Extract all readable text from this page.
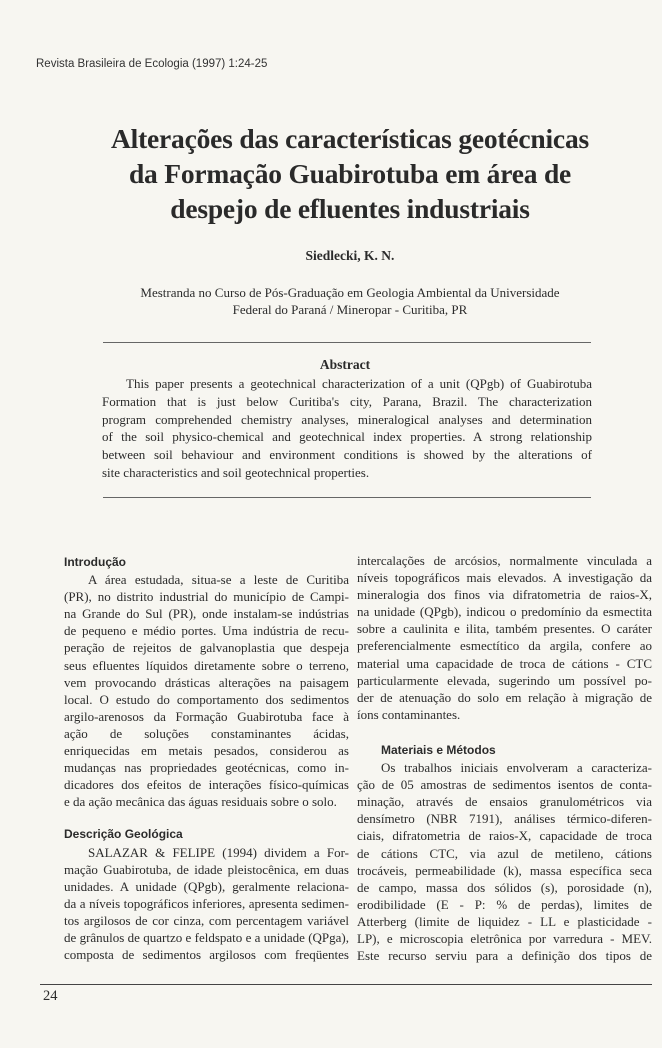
Revista Brasileira de Ecologia (1997) 1:24-25
Alterações das características geotécnicas
da Formação Guabirotuba em área de
despejo de efluentes industriais
Siedlecki, K. N.
Mestranda no Curso de Pós-Graduação em Geologia Ambiental da Universidade
Federal do Paraná / Mineropar - Curitiba, PR
Abstract
This paper presents a geotechnical characterization of a unit (QPgb) of Guabirotuba
Formation that is just below Curitiba's city, Parana, Brazil. The characterization
program comprehended chemistry analyses, mineralogical analyses and determination
of the soil physico-chemical and geotechnical index properties. A strong relationship
between soil behaviour and environment conditions is showed by the alterations of
site characteristics and soil geotechnical properties.
Introdução
A área estudada, situa-se a leste de Curitiba
(PR), no distrito industrial do município de Campi-
na Grande do Sul (PR), onde instalam-se indústrias
de pequeno e médio portes. Uma indústria de recu-
peração de rejeitos de galvanoplastia que despeja
seus efluentes líquidos diretamente sobre o terreno,
vem provocando drásticas alterações na paisagem
local. O estudo do comportamento dos sedimentos
argilo-arenosos da Formação Guabirotuba face à
ação de soluções constaminantes ácidas,
enriquecidas em metais pesados, considerou as
mudanças nas propriedades geotécnicas, como in-
dicadores dos efeitos de interações físico-químicas
e da ação mecânica das águas residuais sobre o solo.
Descrição Geológica
SALAZAR & FELIPE (1994) dividem a For-
mação Guabirotuba, de idade pleistocênica, em duas
unidades. A unidade (QPgb), geralmente relaciona-
da a níveis topográficos inferiores, apresenta sedimen-
tos argilosos de cor cinza, com percentagem variável
de grânulos de quartzo e feldspato e a unidade (QPga),
composta de sedimentos argilosos com freqüentes
intercalações de arcósios, normalmente vinculada a
níveis topográficos mais elevados. A investigação da
mineralogia dos finos via difratometria de raios-X,
na unidade (QPgb), indicou o predomínio da esmectita
sobre a caulinita e ilita, também presentes. O caráter
preferencialmente esmectítico da argila, confere ao
material uma capacidade de troca de cátions - CTC
particularmente elevada, sugerindo um possível po-
der de atenuação do solo em relação à migração de
íons contaminantes.
Materiais e Métodos
Os trabalhos iniciais envolveram a caracteriza-
ção de 05 amostras de sedimentos isentos de conta-
minação, através de ensaios granulométricos via
densímetro (NBR 7191), análises térmico-diferen-
ciais, difratometria de raios-X, capacidade de troca
de cátions CTC, via azul de metileno, cátions
trocáveis, permeabilidade (k), massa específica seca
de campo, massa dos sólidos (s), porosidade (n),
erodibilidade (E - P: % de perdas), limites de
Atterberg (limite de liquidez - LL e plasticidade -
LP), e microscopia eletrônica por varredura - MEV.
Este recurso serviu para a definição dos tipos de
24
